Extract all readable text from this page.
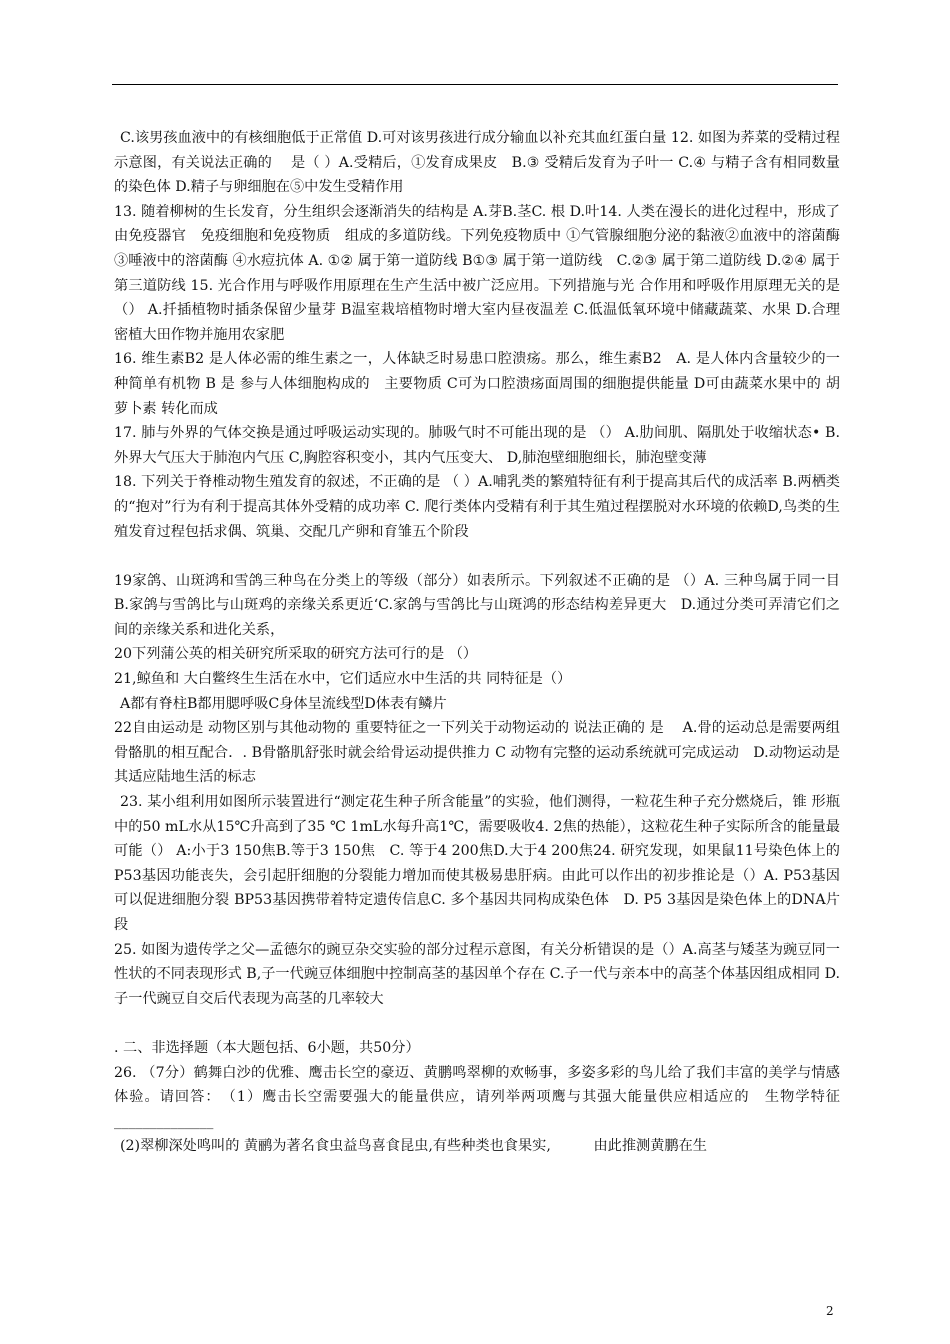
C.该男孩血液中的有核细胞低于正常值 D.可对该男孩进行成分输血以补充其血红蛋白量 12. 如图为荞菜的受精过程示意图，有关说法正确的　 是（ ）A.受精后，①发育成果皮　B.③ 受精后发育为子叶一 C.④ 与精子含有相同数量的染色体 D.精子与卵细胞在⑤中发生受精作用

13. 随着柳树的生长发育，分生组织会逐渐消失的结构是 A.芽B.茎C. 根 D.叶14. 人类在漫长的进化过程中，形成了由免疫器官　免疫细胞和免疫物质　组成的多道防线。下列免疫物质中 ①气管腺细胞分泌的黏液②血液中的溶菌酶③唾液中的溶菌酶 ④水痘抗体 A. ①② 属于第一道防线 B①③ 属于第一道防线　C.②③ 属于第二道防线 D.②④ 属于第三道防线 15. 光合作用与呼吸作用原理在生产生活中被广泛应用。下列措施与光 合作用和呼吸作用原理无关的是 （） A.扦插植物时插条保留少量芽 B温室栽培植物时增大室内昼夜温差 C.低温低氧环境中储藏蔬菜、水果 D.合理密植大田作物并施用农家肥

16. 维生素B2 是人体必需的维生素之一，人体缺乏时易患口腔溃疡。那么，维生素B2　A. 是人体内含量较少的一种简单有机物 B 是 参与人体细胞构成的　主要物质 C可为口腔溃疡面周围的细胞提供能量 D可由蔬菜水果中的 胡萝卜素 转化而成

17. 肺与外界的气体交换是通过呼吸运动实现的。肺吸气时不可能出现的是 （） A.肋间肌、隔肌处于收缩状态• B.外界大气压大于肺泡内气压 C,胸腔容积变小，其内气压变大、 D,肺泡壁细胞细长，肺泡壁变薄

18. 下列关于脊椎动物生殖发育的叙述，不正确的是 （ ）A.哺乳类的繁殖特征有利于提高其后代的成活率 B.两栖类的“抱对”行为有利于提高其体外受精的成功率 C. 爬行类体内受精有利于其生殖过程摆脱对水环境的依赖D,鸟类的生殖发育过程包括求偶、筑巢、交配几产卵和育雏五个阶段

19家鸽、山斑鸿和雪鸽三种鸟在分类上的等级（部分）如表所示。下列叙述不正确的是 （）A. 三种鸟属于同一目 B.家鸽与雪鸽比与山斑鸡的亲缘关系更近‘C.家鸽与雪鸽比与山斑鸿的形态结构差异更大　D.通过分类可弄清它们之间的亲缘关系和进化关系，

20下列蒲公英的相关研究所采取的研究方法可行的是 （）

21,鲸鱼和 大白鳖终生生活在水中，它们适应水中生活的共 同特征是（）

A都有脊柱B都用腮呼吸C身体呈流线型D体表有鳞片

22自由运动是 动物区别与其他动物的 重要特征之一下列关于动物运动的 说法正确的 是　 A.骨的运动总是需要两组骨骼肌的相互配合．. B骨骼肌舒张时就会给骨运动提供推力 C 动物有完整的运动系统就可完成运动　D.动物运动是其适应陆地生活的标志

23. 某小组利用如图所示装置进行“测定花生种子所含能量”的实验，他们测得，一粒花生种子充分燃烧后，锥 形瓶中的50 mL水从15℃升高到了35 ℃ 1mL水每升高1℃，需要吸收4. 2焦的热能），这粒花生种子实际所含的能量最可能（） A:小于3 150焦B.等于3 150焦　C. 等于4 200焦D.大于4 200焦24. 研究发现，如果鼠11号染色体上的P53基因功能丧失，会引起肝细胞的分裂能力增加而使其极易患肝病。由此可以作出的初步推论是（）A. P53基因可以促进细胞分裂 BP53基因携带着特定遗传信息C. 多个基因共同构成染色体　D. P5 3基因是染色体上的DNA片段

25. 如图为遗传学之父—孟德尔的豌豆杂交实验的部分过程示意图，有关分析错误的是（）A.高茎与矮茎为豌豆同一性状的不同表现形式 B,子一代豌豆体细胞中控制高茎的基因单个存在 C.子一代与亲本中的高茎个体基因组成相同 D.子一代豌豆自交后代表现为高茎的几率较大

. 二、非选择题（本大题包括、6小题，共50分）

26. （7分）鹤舞白沙的优雅、鹰击长空的豪迈、黄鹏鸣翠柳的欢畅事，多姿多彩的鸟儿给了我们丰富的美学与情感体验。请回答：　（1）鹰击长空需要强大的能量供应，请列举两项鹰与其强大能量供应相适应的　生物学特征 ______________

(2)翠柳深处鸣叫的 黄鹂为著名食虫益鸟喜食昆虫,有些种类也食果实,　　　由此推测黄鹏在生

2
